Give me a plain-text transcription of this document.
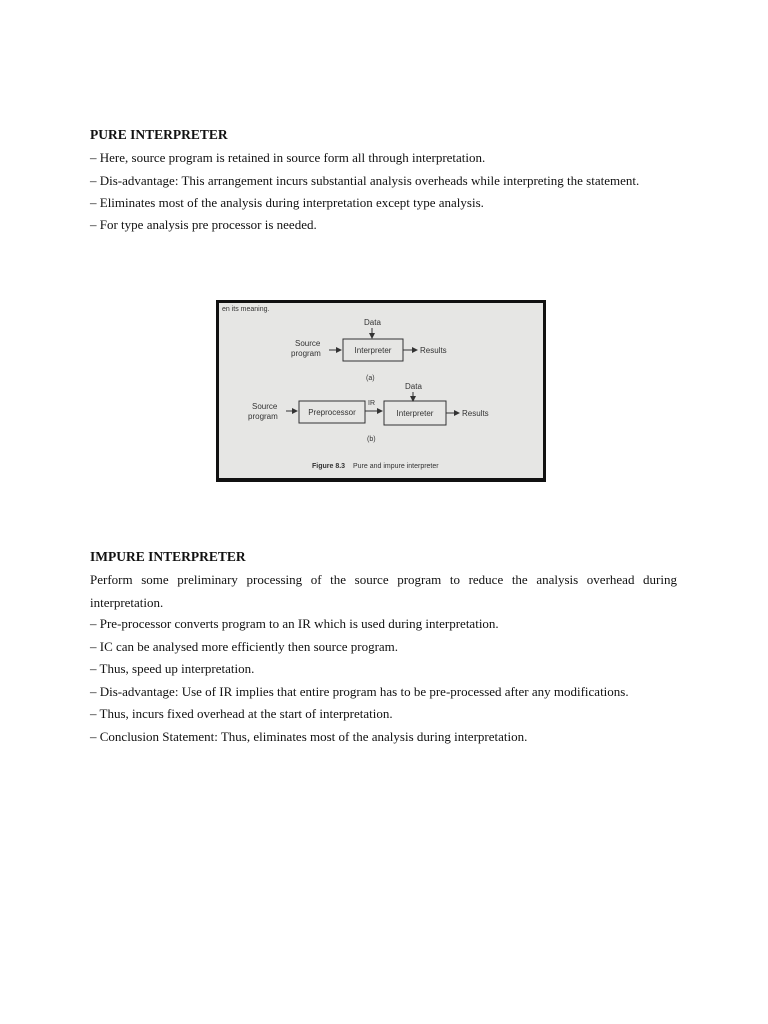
PURE INTERPRETER
– Here, source program is retained in source form all through interpretation.
– Dis-advantage: This arrangement incurs substantial analysis overheads while interpreting the statement.
– Eliminates most of the analysis during interpretation except type analysis.
– For type analysis pre processor is needed.
en its meaning.
Data
Source
program	Interpreter	Results
(a)
Data
Source
program	Preprocessor
IR
Interpreter	Results
(b)
Figure 8.3 Pure and impure interpreter
IMPURE INTERPRETER

Perform some preliminary processing of the source program to reduce the analysis overhead during interpretation.

– Pre-processor converts program to an IR which is used during interpretation.
– IC can be analysed more efficiently then source program.
– Thus, speed up interpretation.
– Dis-advantage: Use of IR implies that entire program has to be pre-processed after any modifications.
– Thus, incurs fixed overhead at the start of interpretation.
– Conclusion Statement: Thus, eliminates most of the analysis during interpretation.
